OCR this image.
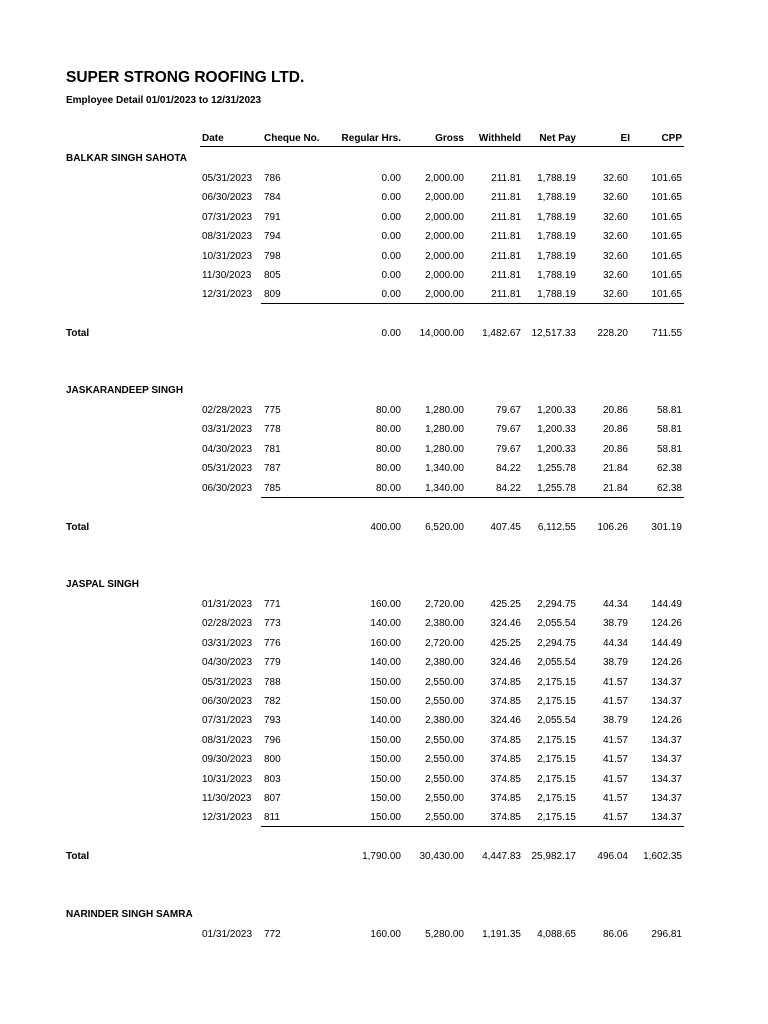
SUPER STRONG ROOFING LTD.
Employee Detail 01/01/2023 to 12/31/2023
Date	Cheque No. Regular Hrs.	Gross Withheld Net Pay	EI	CPP
BALKAR SINGH SAHOTA
05/31/2023 786	0.00 2,000.00	211.81 1,788.19	32.60 101.65
06/30/2023 784	0.00 2,000.00	211.81 1,788.19	32.60 101.65
07/31/2023 791	0.00 2,000.00	211.81 1,788.19	32.60 101.65
08/31/2023 794	0.00 2,000.00	211.81 1,788.19	32.60 101.65
10/31/2023 798	0.00 2,000.00	211.81 1,788.19	32.60 101.65
11/30/2023 805	0.00 2,000.00	211.81 1,788.19	32.60 101.65
12/31/2023 809	0.00 2,000.00	211.81 1,788.19	32.60 101.65
Total	0.00 14,000.00 1,482.67 12,517.33 228.20 711.55
JASKARANDEEP SINGH
02/28/2023 775	80.00 1,280.00	79.67 1,200.33	20.86	58.81
03/31/2023 778	80.00 1,280.00	79.67 1,200.33	20.86	58.81
04/30/2023 781	80.00 1,280.00	79.67 1,200.33	20.86	58.81
05/31/2023 787	80.00 1,340.00	84.22 1,255.78	21.84	62.38
06/30/2023 785	80.00 1,340.00	84.22 1,255.78	21.84	62.38
Total	400.00 6,520.00	407.45 6,112.55 106.26 301.19
JASPAL SINGH
01/31/2023 771	160.00 2,720.00	425.25 2,294.75	44.34 144.49
02/28/2023 773	140.00 2,380.00	324.46 2,055.54	38.79 124.26
03/31/2023 776	160.00 2,720.00	425.25 2,294.75	44.34 144.49
04/30/2023 779	140.00 2,380.00	324.46 2,055.54	38.79 124.26
05/31/2023 788	150.00 2,550.00	374.85 2,175.15	41.57 134.37
06/30/2023 782	150.00 2,550.00	374.85 2,175.15	41.57 134.37
07/31/2023 793	140.00 2,380.00	324.46 2,055.54	38.79 124.26
08/31/2023 796	150.00 2,550.00	374.85 2,175.15	41.57 134.37
09/30/2023 800	150.00 2,550.00	374.85 2,175.15	41.57 134.37
10/31/2023 803	150.00 2,550.00	374.85 2,175.15	41.57 134.37
11/30/2023 807	150.00 2,550.00	374.85 2,175.15	41.57 134.37
12/31/2023 811	150.00 2,550.00	374.85 2,175.15	41.57 134.37
Total	1,790.00 30,430.00 4,447.83 25,982.17 496.04 1,602.35
NARINDER SINGH SAMRA
01/31/2023 772	160.00 5,280.00 1,191.35 4,088.65	86.06 296.81
